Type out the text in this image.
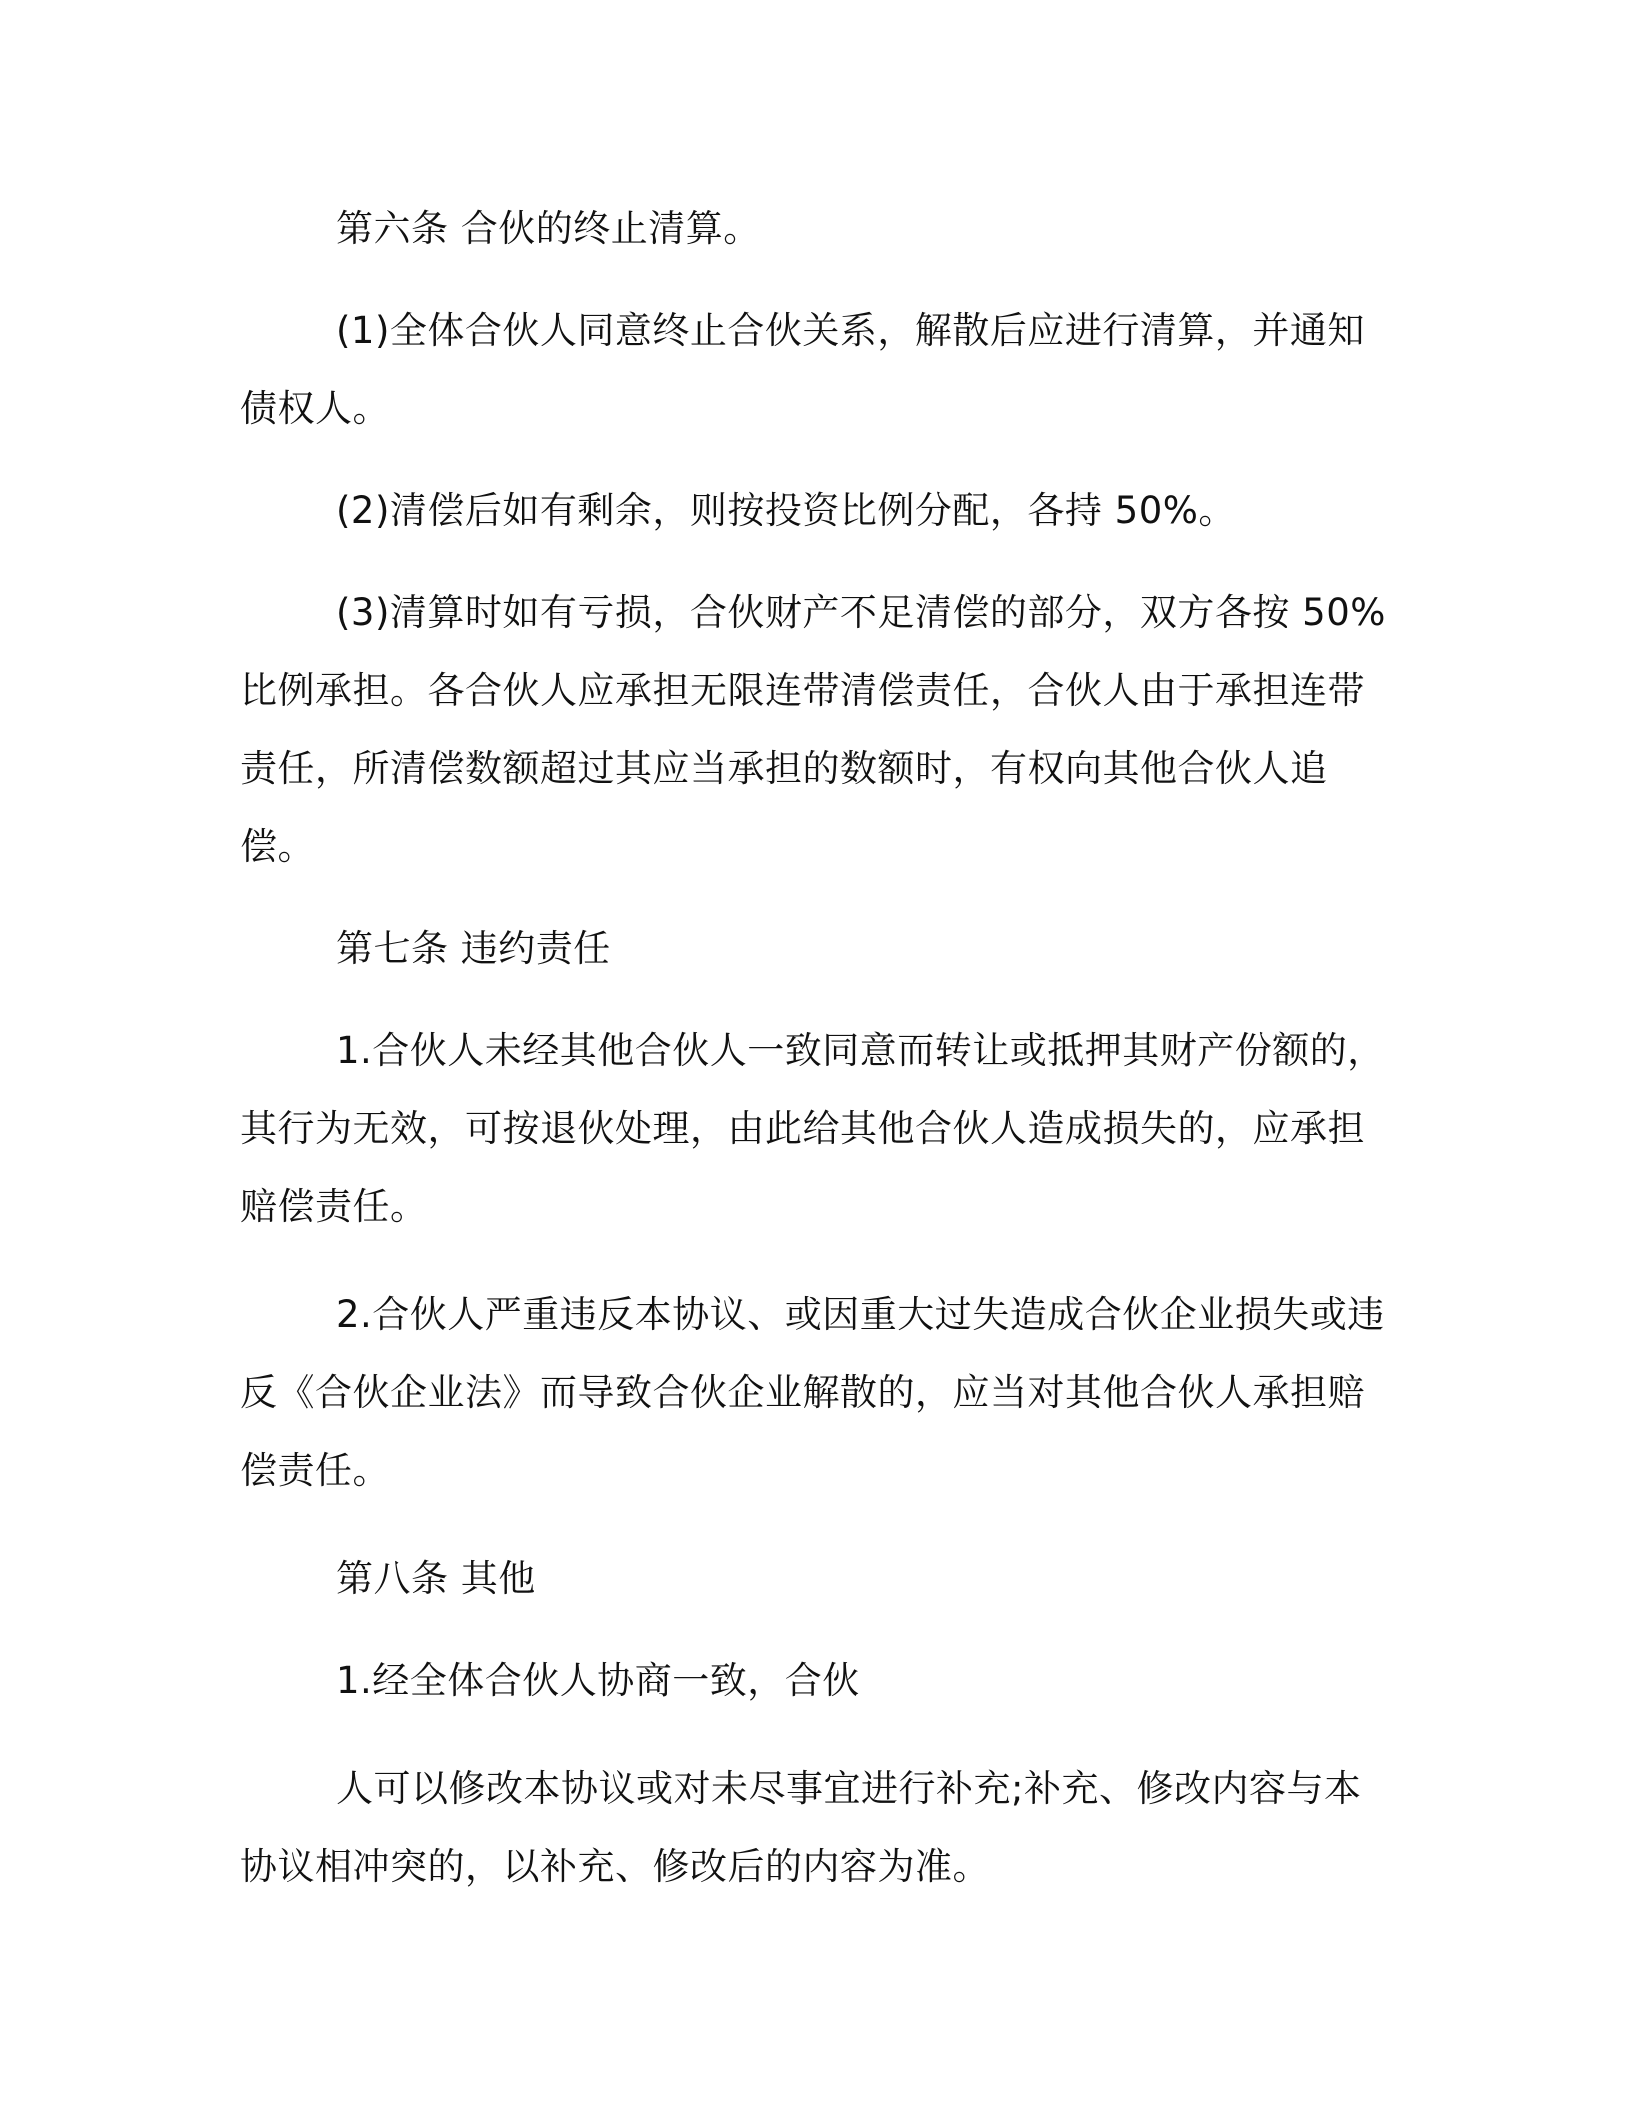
第六条 合伙的终止清算。

(1)全体合伙人同意终止合伙关系，解散后应进行清算，并通知债权人。

(2)清偿后如有剩余，则按投资比例分配，各持 50%。

(3)清算时如有亏损，合伙财产不足清偿的部分，双方各按 50%比例承担。各合伙人应承担无限连带清偿责任，合伙人由于承担连带责任，所清偿数额超过其应当承担的数额时，有权向其他合伙人追偿。

第七条 违约责任

1.合伙人未经其他合伙人一致同意而转让或抵押其财产份额的，其行为无效，可按退伙处理，由此给其他合伙人造成损失的，应承担赔偿责任。

2.合伙人严重违反本协议、或因重大过失造成合伙企业损失或违反《合伙企业法》而导致合伙企业解散的，应当对其他合伙人承担赔偿责任。

第八条 其他

1.经全体合伙人协商一致，合伙

人可以修改本协议或对未尽事宜进行补充;补充、修改内容与本协议相冲突的，以补充、修改后的内容为准。
